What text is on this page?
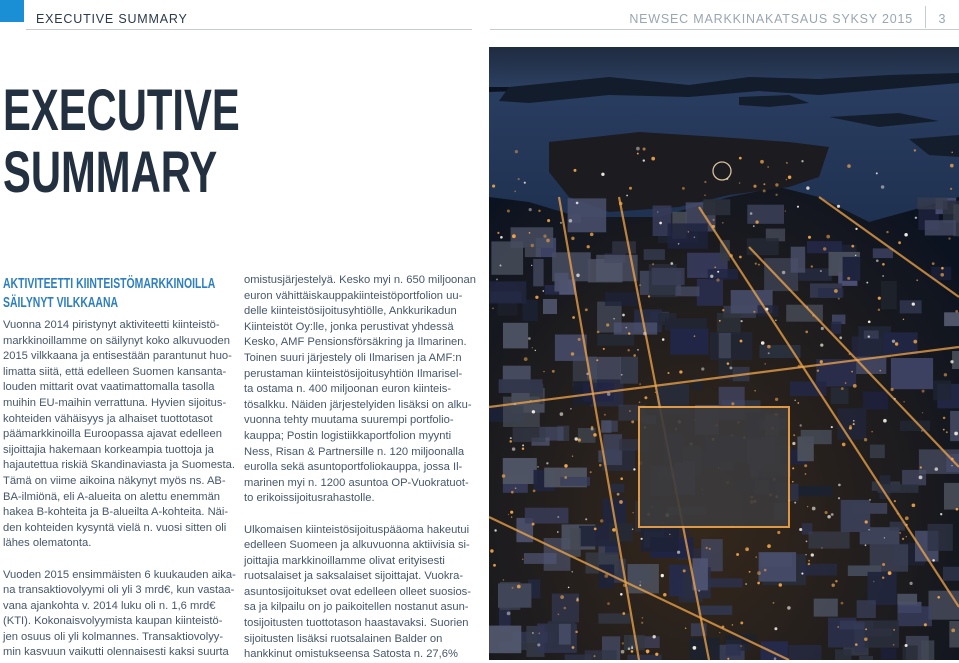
EXECUTIVE SUMMARY	NEWSEC MARKKINAKATSAUS SYKSY 2015	3
EXECUTIVE
SUMMARY
AKTIVITEETTI KIINTEISTÖMARKKINOILLA
SÄILYNYT VILKKAANA

Vuonna 2014 piristynyt aktiviteetti kiinteistö-
markkinoillamme on säilynyt koko alkuvuoden
2015 vilkkaana ja entisestään parantunut huo-
limatta siitä, että edelleen Suomen kansanta-
louden mittarit ovat vaatimattomalla tasolla
muihin EU-maihin verrattuna. Hyvien sijoitus-
kohteiden vähäisyys ja alhaiset tuottotasot
päämarkkinoilla Euroopassa ajavat edelleen
sijoittajia hakemaan korkeampia tuottoja ja
hajautettua riskiä Skandinaviasta ja Suomesta.
Tämä on viime aikoina näkynyt myös ns. AB-
BA-ilmiönä, eli A-alueita on alettu enemmän
hakea B-kohteita ja B-alueilta A-kohteita. Näi-
den kohteiden kysyntä vielä n. vuosi sitten oli
lähes olematonta.

Vuoden 2015 ensimmäisten 6 kuukauden aika-
na transaktiovolyymi oli yli 3 mrd€, kun vastaa-
vana ajankohta v. 2014 luku oli n. 1,6 mrd€
(KTI). Kokonaisvolyymista kaupan kiinteistö-
jen osuus oli yli kolmannes. Transaktiovolyy-
min kasvuun vaikutti olennaisesti kaksi suurta

omistusjärjestelyä. Kesko myi n. 650 miljoonan
euron vähittäiskauppakiinteistöportfolion uu-
delle kiinteistösijoitusyhtiölle, Ankkurikadun
Kiinteistöt Oy:lle, jonka perustivat yhdessä
Kesko, AMF Pensionsförsäkring ja Ilmarinen.
Toinen suuri järjestely oli Ilmarisen ja AMF:n
perustaman kiinteistösijoitusyhtiön Ilmarisel-
ta ostama n. 400 miljoonan euron kiinteis-
tösalkku. Näiden järjestelyiden lisäksi on alku-
vuonna tehty muutama suurempi portfolio-
kauppa; Postin logistiikkaportfolion myynti
Ness, Risan & Partnersille n. 120 miljoonalla
eurolla sekä asuntoportfoliokauppa, jossa Il-
marinen myi n. 1200 asuntoa OP-Vuokratuot-
to erikoissijoitusrahastolle.

Ulkomaisen kiinteistösijoituspääoma hakeutui
edelleen Suomeen ja alkuvuonna aktiivisia si-
joittajia markkinoillamme olivat erityisesti
ruotsalaiset ja saksalaiset sijoittajat. Vuokra-
asuntosijoitukset ovat edelleen olleet suosios-
sa ja kilpailu on jo paikoitellen nostanut asun-
tosijoitusten tuottotason haastavaksi. Suorien
sijoitusten lisäksi ruotsalainen Balder on
hankkinut omistukseensa Satosta n. 27,6%
